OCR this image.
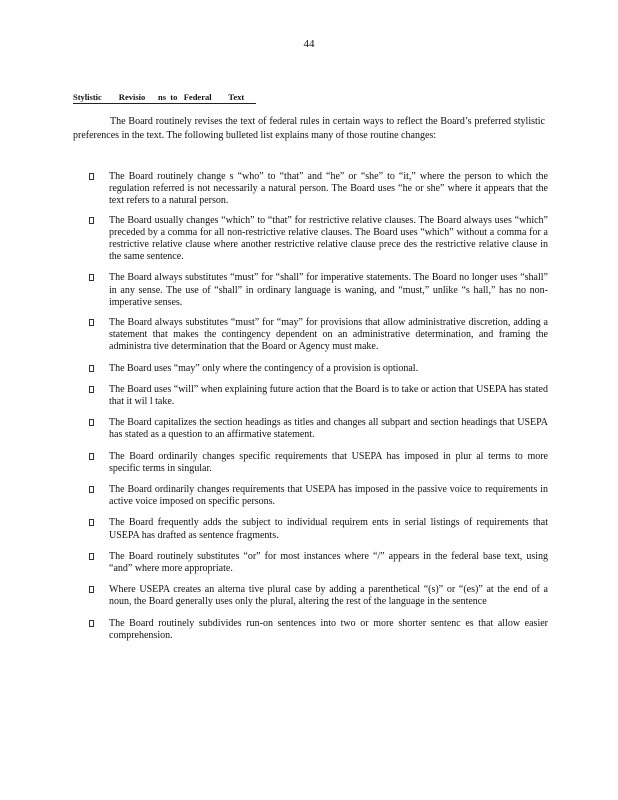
44
Stylistic        Revisio      ns  to   Federal        Text

The Board routinely revises the text of federal rules in certain ways to reflect the Board’s preferred stylistic preferences in the text. The following bulleted list explains many of those routine changes:

The Board routinely change s “who” to “that” and “he” or “she” to “it,” where the person to which the regulation referred is not necessarily a natural person. The Board uses “he or she” where it appears that the text refers to a natural person.
The Board usually changes “which” to “that” for restrictive relative clauses. The Board always uses “which” preceded by a comma for all non-restrictive relative clauses. The Board uses “which” without a comma for a restrictive relative clause where another restrictive relative clause prece des the restrictive relative clause in the same sentence.
The Board always substitutes “must” for “shall” for imperative statements. The Board no longer uses “shall” in any sense. The use of “shall” in ordinary language is waning, and “must,” unlike “s hall,” has no non-imperative senses.
The Board always substitutes “must” for “may” for provisions that allow administrative discretion, adding a statement that makes the contingency dependent on an administrative determination, and framing the administra tive determination that the Board or Agency must make.
The Board uses “may” only where the contingency of a provision is optional.
The Board uses “will” when explaining future action that the Board is to take or action that USEPA has stated that it wil l take.
The Board capitalizes the section headings as titles and changes all subpart and section headings that USEPA has stated as a question to an affirmative statement.
The Board ordinarily changes specific requirements that USEPA has imposed in plur al terms to more specific terms in singular.
The Board ordinarily changes requirements that USEPA has imposed in the passive voice to requirements in active voice imposed on specific persons.
The Board frequently adds the subject to individual requirem ents in serial listings of requirements that USEPA has drafted as sentence fragments.
The Board routinely substitutes “or” for most instances where “/” appears in the federal base text, using “and” where more appropriate.
Where USEPA creates an alterna tive plural case by adding a parenthetical “(s)” or “(es)” at the end of a noun, the Board generally uses only the plural, altering the rest of the language in the sentence
The Board routinely subdivides run-on sentences into two or more shorter sentenc es that allow easier comprehension.
